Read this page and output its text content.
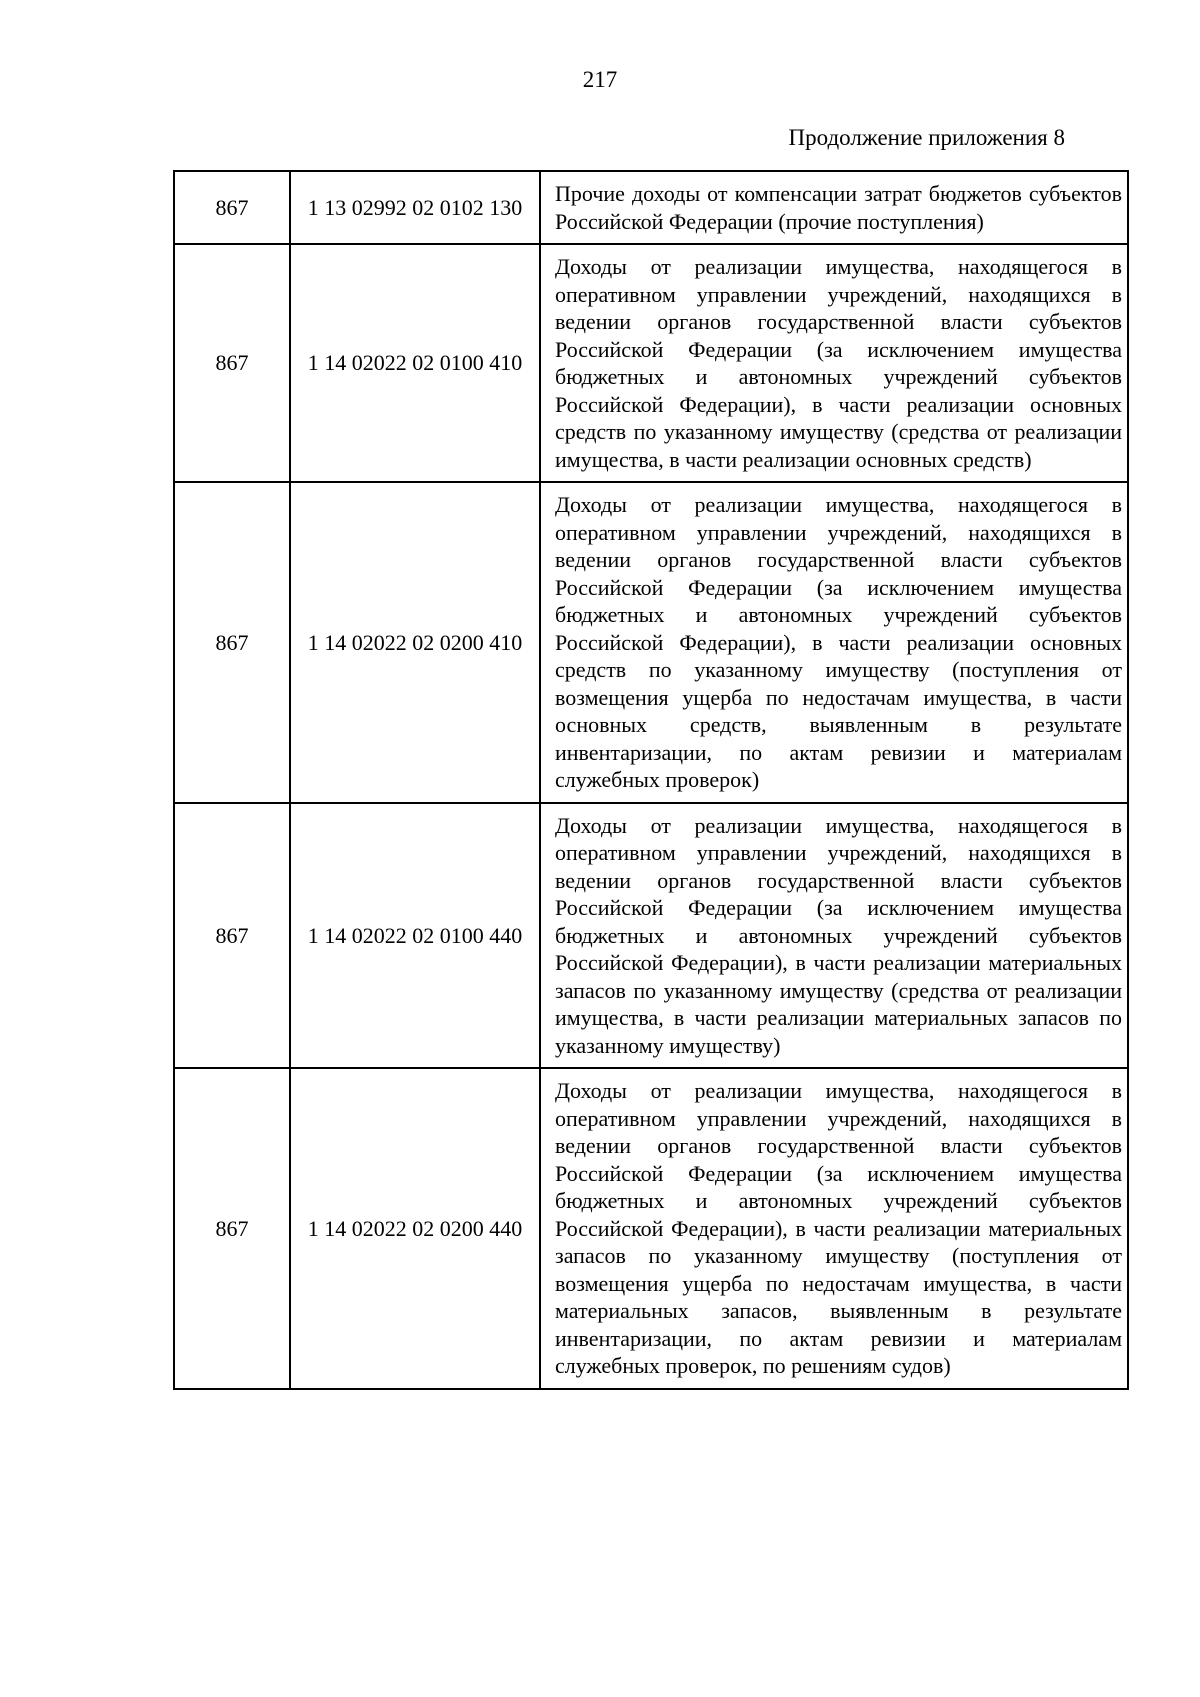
217
Продолжение приложения 8
867	1 13 02992 02 0102 130	Прочие доходы от компенсации затрат бюджетов субъектов Российской Федерации (прочие поступления)
867	1 14 02022 02 0100 410	Доходы от реализации имущества, находящегося в оперативном управлении учреждений, находящихся в ведении органов государственной власти субъектов Российской Федерации (за исключением имущества бюджетных и автономных учреждений субъектов Российской Федерации), в части реализации основных средств по указанному имуществу (средства от реализации имущества, в части реализации основных средств)
867	1 14 02022 02 0200 410	Доходы от реализации имущества, находящегося в оперативном управлении учреждений, находящихся в ведении органов государственной власти субъектов Российской Федерации (за исключением имущества бюджетных и автономных учреждений субъектов Российской Федерации), в части реализации основных средств по указанному имуществу (поступления от возмещения ущерба по недостачам имущества, в части основных средств, выявленным в результате инвентаризации, по актам ревизии и материалам служебных проверок)
867	1 14 02022 02 0100 440	Доходы от реализации имущества, находящегося в оперативном управлении учреждений, находящихся в ведении органов государственной власти субъектов Российской Федерации (за исключением имущества бюджетных и автономных учреждений субъектов Российской Федерации), в части реализации материальных запасов по указанному имуществу (средства от реализации имущества, в части реализации материальных запасов по указанному имуществу)
867	1 14 02022 02 0200 440	Доходы от реализации имущества, находящегося в оперативном управлении учреждений, находящихся в ведении органов государственной власти субъектов Российской Федерации (за исключением имущества бюджетных и автономных учреждений субъектов Российской Федерации), в части реализации материальных запасов по указанному имуществу (поступления от возмещения ущерба по недостачам имущества, в части материальных запасов, выявленным в результате инвентаризации, по актам ревизии и материалам служебных проверок, по решениям судов)
